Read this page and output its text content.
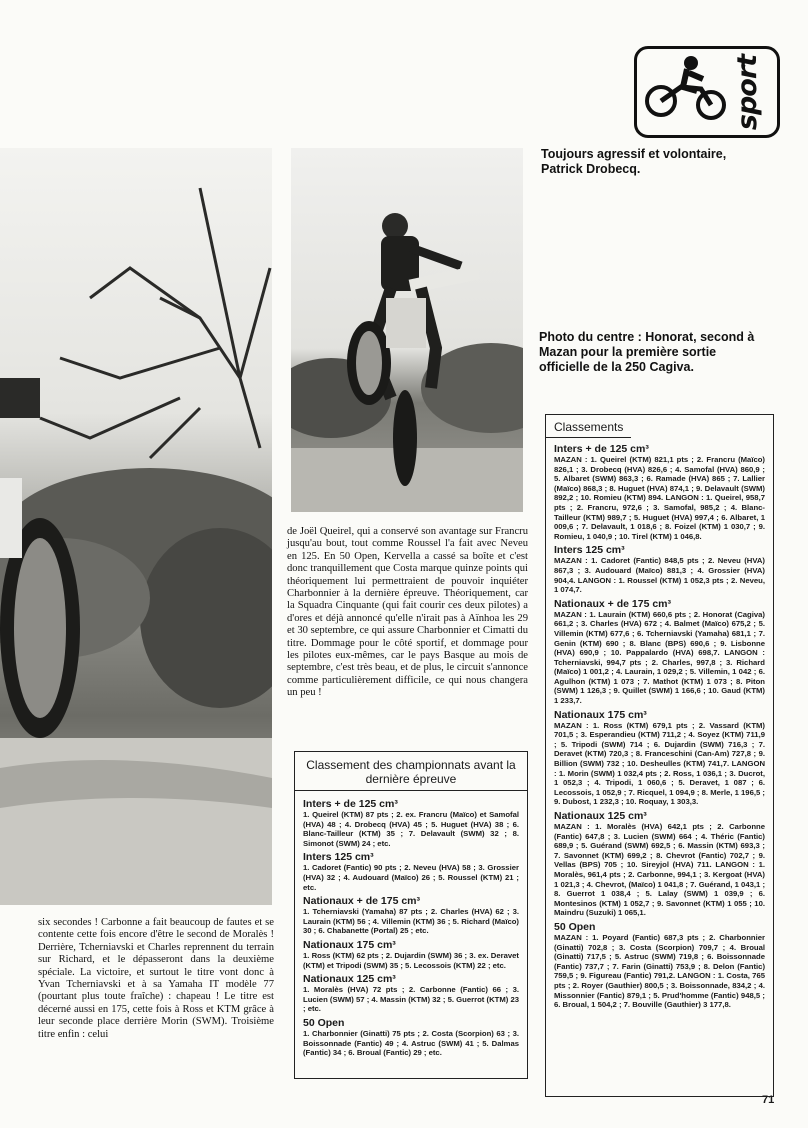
sport
Toujours agressif et volontaire, Patrick Drobecq.
Photo du centre : Honorat, second à Mazan pour la première sortie officielle de la 250 Cagiva.
de Joël Queirel, qui a conservé son avantage sur Francru jusqu'au bout, tout comme Roussel l'a fait avec Neveu en 125. En 50 Open, Kervella a cassé sa boîte et c'est donc tranquillement que Costa marque quinze points qui théoriquement lui permettraient de pouvoir inquiéter Charbonnier à la dernière épreuve. Théoriquement, car la Squadra Cinquante (qui fait courir ces deux pilotes) a d'ores et déjà annoncé qu'elle n'irait pas à Aïnhoa les 29 et 30 septembre, ce qui assure Charbonnier et Cimatti du titre. Dommage pour le côté sportif, et dommage pour les pilotes eux-mêmes, car le pays Basque au mois de septembre, c'est très beau, et de plus, le circuit s'annonce comme particulièrement difficile, ce qui nous changera un peu !
six secondes ! Carbonne a fait beaucoup de fautes et se contente cette fois encore d'être le second de Moralès ! Derrière, Tcherniavski et Charles reprennent du terrain sur Richard, et le dépasseront dans la deuxième spéciale. La victoire, et surtout le titre vont donc à Yvan Tcherniavski et à sa Yamaha IT modèle 77 (pourtant plus toute fraîche) : chapeau ! Le titre est décerné aussi en 175, cette fois à Ross et KTM grâce à leur seconde place derrière Morin (SWM). Troisième titre enfin : celui
Classement des championnats avant la dernière épreuve
Inters + de 125 cm³
1. Queirel (KTM) 87 pts ; 2. ex. Francru (Maïco) et Samofal (HVA) 48 ; 4. Drobecq (HVA) 45 ; 5. Huguet (HVA) 38 ; 6. Blanc-Tailleur (KTM) 35 ; 7. Delavault (SWM) 32 ; 8. Simonot (SWM) 24 ; etc.
Inters 125 cm³
1. Cadoret (Fantic) 90 pts ; 2. Neveu (HVA) 58 ; 3. Grossier (HVA) 32 ; 4. Audouard (Maïco) 26 ; 5. Roussel (KTM) 21 ; etc.
Nationaux + de 175 cm³
1. Tcherniavski (Yamaha) 87 pts ; 2. Charles (HVA) 62 ; 3. Laurain (KTM) 56 ; 4. Villemin (KTM) 36 ; 5. Richard (Maïco) 30 ; 6. Chabanette (Portal) 25 ; etc.
Nationaux 175 cm³
1. Ross (KTM) 62 pts ; 2. Dujardin (SWM) 36 ; 3. ex. Deravet (KTM) et Tripodi (SWM) 35 ; 5. Lecossois (KTM) 22 ; etc.
Nationaux 125 cm³
1. Moralès (HVA) 72 pts ; 2. Carbonne (Fantic) 66 ; 3. Lucien (SWM) 57 ; 4. Massin (KTM) 32 ; 5. Guerrot (KTM) 23 ; etc.
50 Open
1. Charbonnier (Ginatti) 75 pts ; 2. Costa (Scorpion) 63 ; 3. Boissonnade (Fantic) 49 ; 4. Astruc (SWM) 41 ; 5. Dalmas (Fantic) 34 ; 6. Broual (Fantic) 29 ; etc.
Classements
Inters + de 125 cm³
MAZAN : 1. Queirel (KTM) 821,1 pts ; 2. Francru (Maïco) 826,1 ; 3. Drobecq (HVA) 826,6 ; 4. Samofal (HVA) 860,9 ; 5. Albaret (SWM) 863,3 ; 6. Ramade (HVA) 865 ; 7. Lallier (Maïco) 868,3 ; 8. Huguet (HVA) 874,1 ; 9. Delavault (SWM) 892,2 ; 10. Romieu (KTM) 894. LANGON : 1. Queirel, 958,7 pts ; 2. Francru, 972,6 ; 3. Samofal, 985,2 ; 4. Blanc-Tailleur (KTM) 989,7 ; 5. Huguet (HVA) 997,4 ; 6. Albaret, 1 009,6 ; 7. Delavault, 1 018,6 ; 8. Foizel (KTM) 1 030,7 ; 9. Romieu, 1 040,9 ; 10. Tirel (KTM) 1 046,8.
Inters 125 cm³
MAZAN : 1. Cadoret (Fantic) 848,5 pts ; 2. Neveu (HVA) 867,3 ; 3. Audouard (Maïco) 881,3 ; 4. Grossier (HVA) 904,4. LANGON : 1. Roussel (KTM) 1 052,3 pts ; 2. Neveu, 1 074,7.
Nationaux + de 175 cm³
MAZAN : 1. Laurain (KTM) 660,6 pts ; 2. Honorat (Cagiva) 661,2 ; 3. Charles (HVA) 672 ; 4. Balmet (Maïco) 675,2 ; 5. Villemin (KTM) 677,6 ; 6. Tcherniavski (Yamaha) 681,1 ; 7. Genin (KTM) 690 ; 8. Blanc (BPS) 690,6 ; 9. Lisbonne (HVA) 690,9 ; 10. Pappalardo (HVA) 698,7. LANGON : Tcherniavski, 994,7 pts ; 2. Charles, 997,8 ; 3. Richard (Maïco) 1 001,2 ; 4. Laurain, 1 029,2 ; 5. Villemin, 1 042 ; 6. Agulhon (KTM) 1 073 ; 7. Mathot (KTM) 1 073 ; 8. Piton (SWM) 1 126,3 ; 9. Quillet (SWM) 1 166,6 ; 10. Gaud (KTM) 1 233,7.
Nationaux 175 cm³
MAZAN : 1. Ross (KTM) 679,1 pts ; 2. Vassard (KTM) 701,5 ; 3. Esperandieu (KTM) 711,2 ; 4. Soyez (KTM) 711,9 ; 5. Tripodi (SWM) 714 ; 6. Dujardin (SWM) 716,3 ; 7. Deravet (KTM) 720,3 ; 8. Franceschini (Can-Am) 727,8 ; 9. Billion (SWM) 732 ; 10. Desheulles (KTM) 741,7. LANGON : 1. Morin (SWM) 1 032,4 pts ; 2. Ross, 1 036,1 ; 3. Ducrot, 1 052,3 ; 4. Tripodi, 1 060,6 ; 5. Deravet, 1 087 ; 6. Lecossois, 1 052,9 ; 7. Ricquel, 1 094,9 ; 8. Merle, 1 196,5 ; 9. Dubost, 1 232,3 ; 10. Roquay, 1 303,3.
Nationaux 125 cm³
MAZAN : 1. Moralès (HVA) 642,1 pts ; 2. Carbonne (Fantic) 647,8 ; 3. Lucien (SWM) 664 ; 4. Théric (Fantic) 689,9 ; 5. Guérand (SWM) 692,5 ; 6. Massin (KTM) 693,3 ; 7. Savonnet (KTM) 699,2 ; 8. Chevrot (Fantic) 702,7 ; 9. Vellas (BPS) 705 ; 10. Sireyjol (HVA) 711. LANGON : 1. Moralès, 961,4 pts ; 2. Carbonne, 994,1 ; 3. Kergoat (HVA) 1 021,3 ; 4. Chevrot, (Maïco) 1 041,8 ; 7. Guérand, 1 043,1 ; 8. Guerrot 1 038,4 ; 5. Lalay (SWM) 1 039,9 ; 6. Montesinos (KTM) 1 052,7 ; 9. Savonnet (KTM) 1 055 ; 10. Maindru (Suzuki) 1 065,1.
50 Open
MAZAN : 1. Poyard (Fantic) 687,3 pts ; 2. Charbonnier (Ginatti) 702,8 ; 3. Costa (Scorpion) 709,7 ; 4. Broual (Ginatti) 717,5 ; 5. Astruc (SWM) 719,8 ; 6. Boissonnade (Fantic) 737,7 ; 7. Farin (Ginatti) 753,9 ; 8. Delon (Fantic) 759,5 ; 9. Figureau (Fantic) 791,2. LANGON : 1. Costa, 765 pts ; 2. Royer (Gauthier) 800,5 ; 3. Boissonnade, 834,2 ; 4. Missonnier (Fantic) 879,1 ; 5. Prud'homme (Fantic) 948,5 ; 6. Broual, 1 504,2 ; 7. Bouville (Gauthier) 3 177,8.
71
